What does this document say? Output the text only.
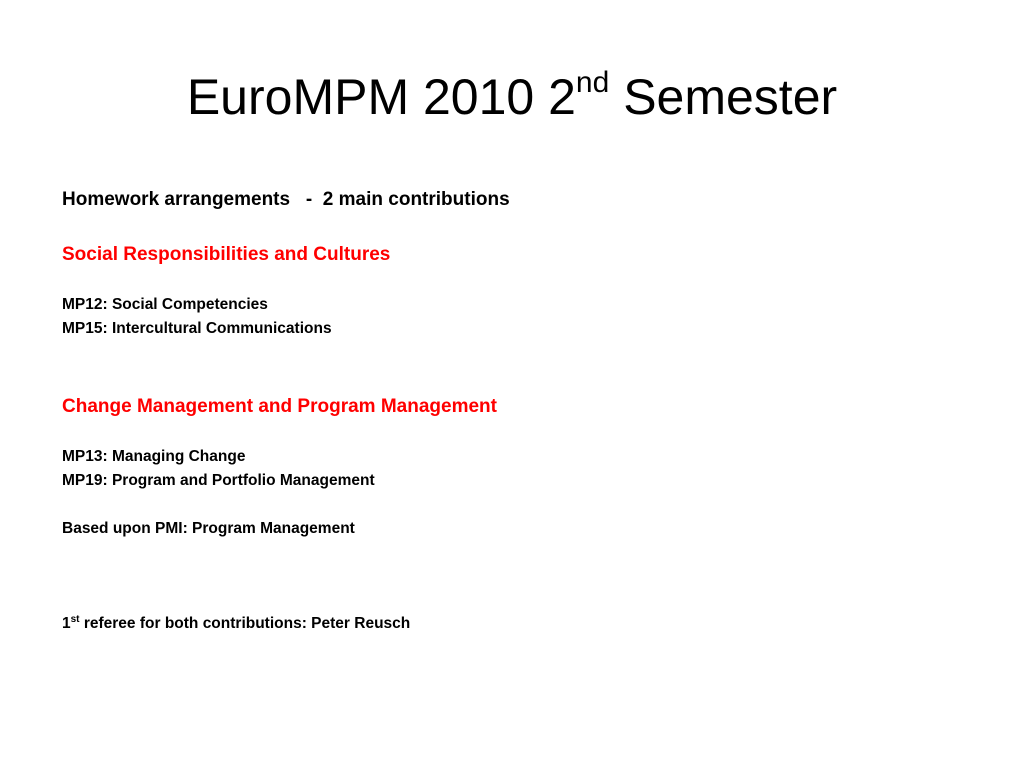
EuroMPM 2010 2nd Semester
Homework arrangements   -  2 main contributions
Social Responsibilities and Cultures
MP12: Social Competencies
MP15: Intercultural Communications
Change Management and Program Management
MP13: Managing Change
MP19: Program and Portfolio Management
Based upon PMI: Program Management
1st referee for both contributions: Peter Reusch
